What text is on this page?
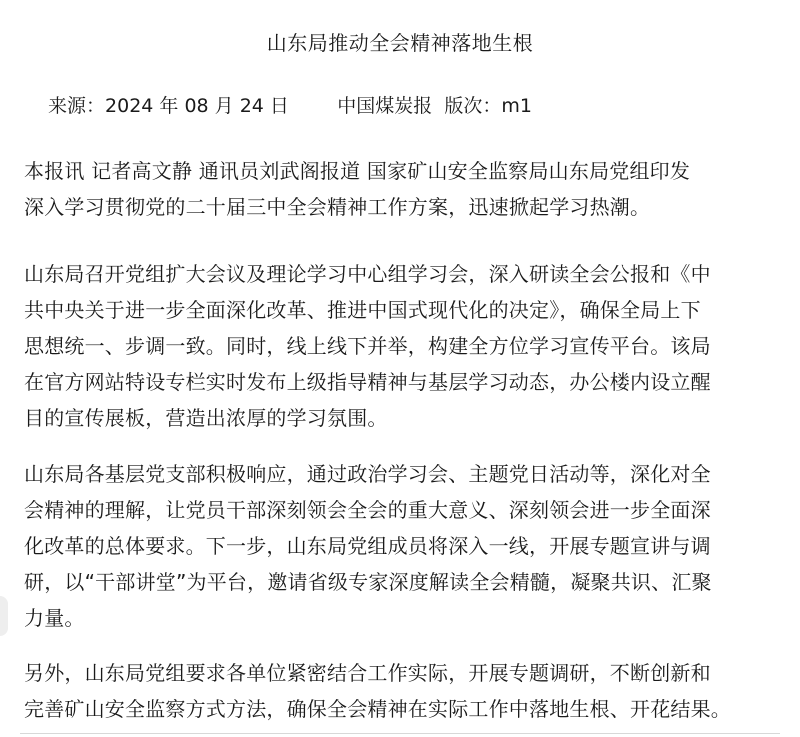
山东局推动全会精神落地生根
来源：2024 年 08 月 24 日	中国煤炭报 版次：m1

本报讯 记者高文静 通讯员刘武阁报道 国家矿山安全监察局山东局党组印发
深入学习贯彻党的二十届三中全会精神工作方案，迅速掀起学习热潮。

山东局召开党组扩大会议及理论学习中心组学习会，深入研读全会公报和《中
共中央关于进一步全面深化改革、推进中国式现代化的决定》，确保全局上下
思想统一、步调一致。同时，线上线下并举，构建全方位学习宣传平台。该局
在官方网站特设专栏实时发布上级指导精神与基层学习动态，办公楼内设立醒
目的宣传展板，营造出浓厚的学习氛围。

山东局各基层党支部积极响应，通过政治学习会、主题党日活动等，深化对全
会精神的理解，让党员干部深刻领会全会的重大意义、深刻领会进一步全面深
化改革的总体要求。下一步，山东局党组成员将深入一线，开展专题宣讲与调
研，以“干部讲堂”为平台，邀请省级专家深度解读全会精髓，凝聚共识、汇聚
力量。

另外，山东局党组要求各单位紧密结合工作实际，开展专题调研，不断创新和
完善矿山安全监察方式方法，确保全会精神在实际工作中落地生根、开花结果。
